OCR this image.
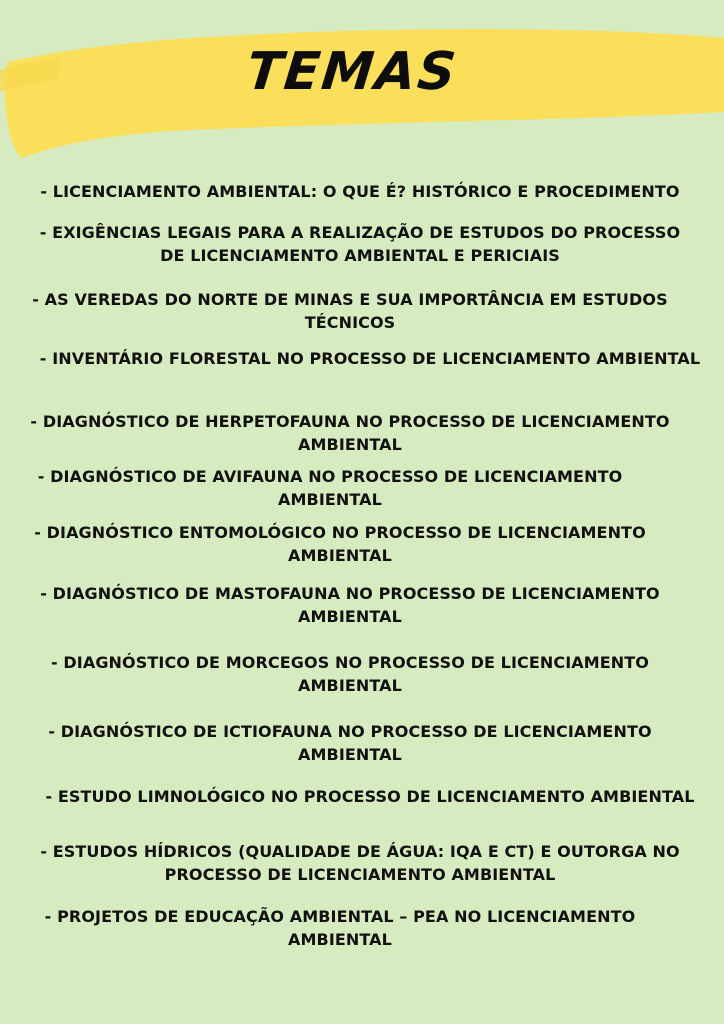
TEMAS
- LICENCIAMENTO AMBIENTAL: O QUE É? HISTÓRICO E PROCEDIMENTO
- EXIGÊNCIAS LEGAIS PARA A REALIZAÇÃO DE ESTUDOS DO PROCESSO
DE LICENCIAMENTO AMBIENTAL E PERICIAIS
- AS VEREDAS DO NORTE DE MINAS E SUA IMPORTÂNCIA EM ESTUDOS
TÉCNICOS
- INVENTÁRIO FLORESTAL NO PROCESSO DE LICENCIAMENTO AMBIENTAL
- DIAGNÓSTICO DE HERPETOFAUNA NO PROCESSO DE LICENCIAMENTO
AMBIENTAL
- DIAGNÓSTICO DE AVIFAUNA NO PROCESSO DE LICENCIAMENTO
AMBIENTAL
- DIAGNÓSTICO ENTOMOLÓGICO NO PROCESSO DE LICENCIAMENTO
AMBIENTAL
- DIAGNÓSTICO DE MASTOFAUNA NO PROCESSO DE LICENCIAMENTO
AMBIENTAL
- DIAGNÓSTICO DE MORCEGOS NO PROCESSO DE LICENCIAMENTO
AMBIENTAL
- DIAGNÓSTICO DE ICTIOFAUNA NO PROCESSO DE LICENCIAMENTO
AMBIENTAL
- ESTUDO LIMNOLÓGICO NO PROCESSO DE LICENCIAMENTO AMBIENTAL
- ESTUDOS HÍDRICOS (QUALIDADE DE ÁGUA: IQA E CT) E OUTORGA NO
PROCESSO DE LICENCIAMENTO AMBIENTAL
- PROJETOS DE EDUCAÇÃO AMBIENTAL – PEA NO LICENCIAMENTO
AMBIENTAL
